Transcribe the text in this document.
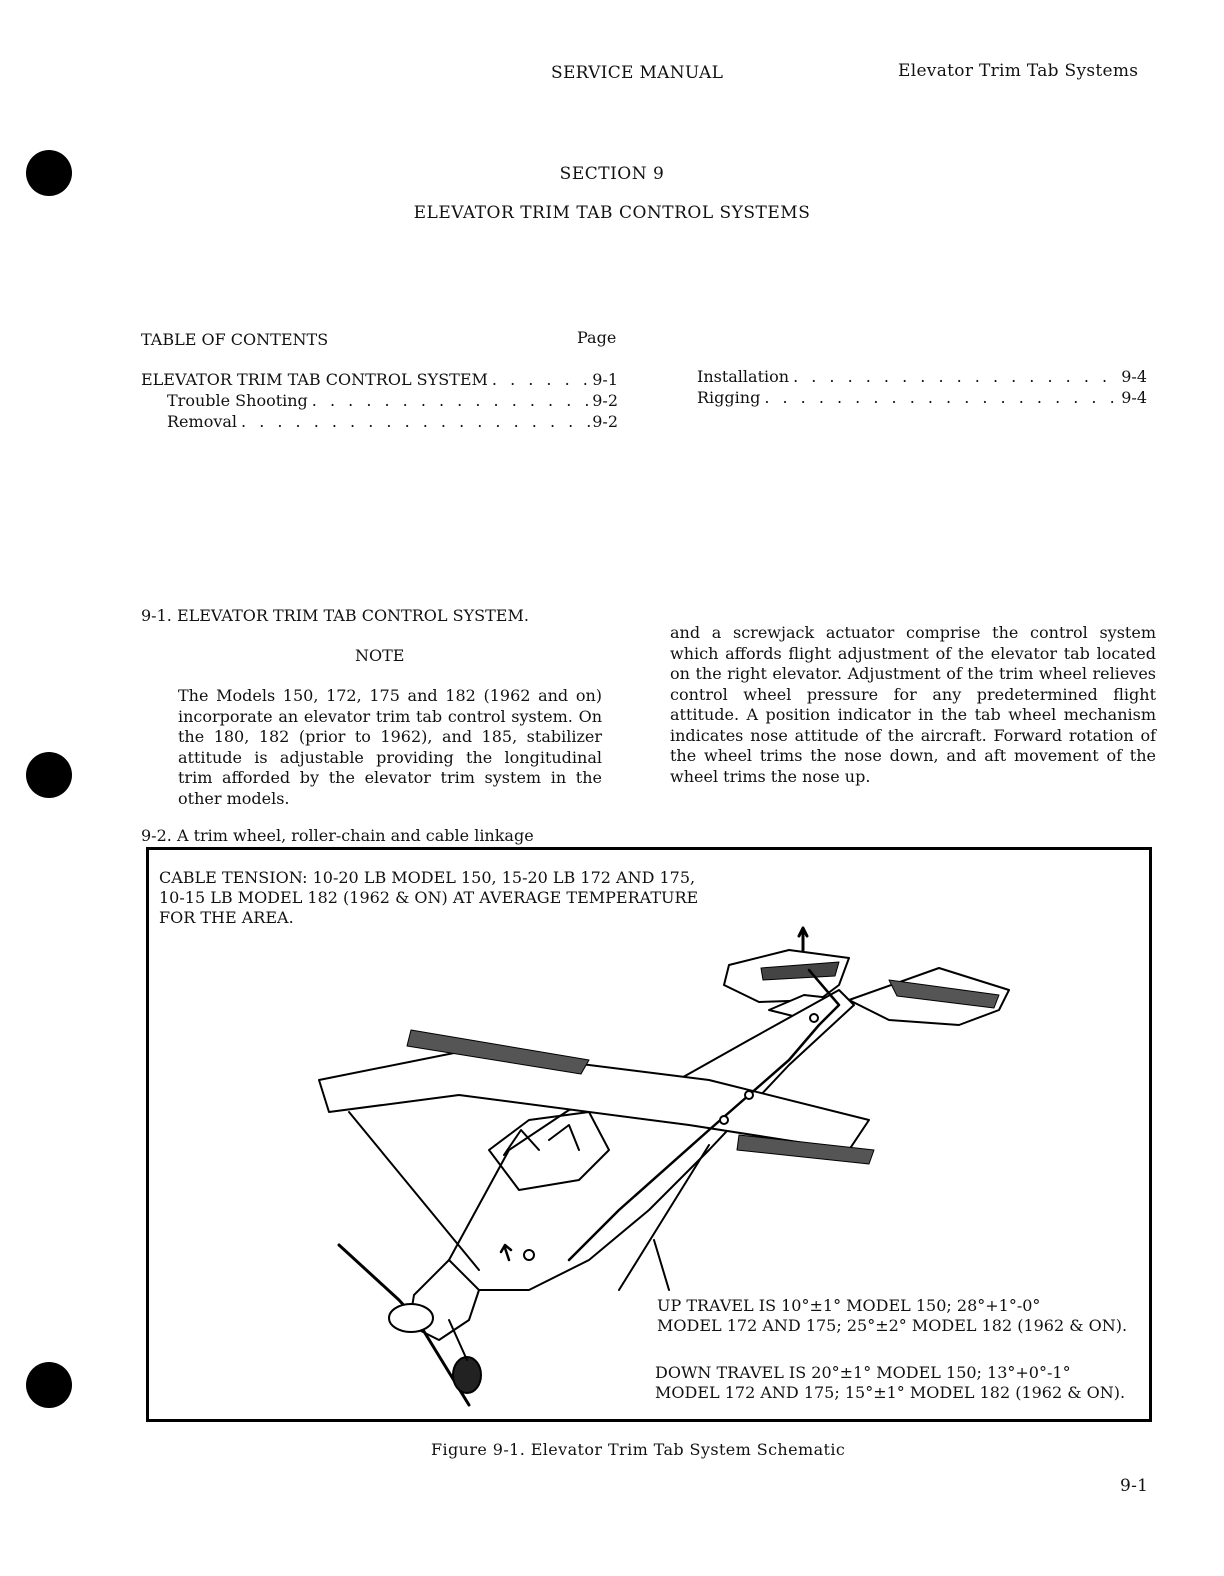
SERVICE MANUAL	Elevator Trim Tab Systems
SECTION 9
ELEVATOR TRIM TAB CONTROL SYSTEMS
TABLE OF CONTENTS	Page
ELEVATOR TRIM TAB CONTROL SYSTEM . . .	9-1
Trouble Shooting . . .	9-2
Removal . . .	9-2
Installation . . .	9-4
Rigging . . .	9-4
9-1. ELEVATOR TRIM TAB CONTROL SYSTEM.
NOTE
The Models 150, 172, 175 and 182 (1962 and on) incorporate an elevator trim tab control system. On the 180, 182 (prior to 1962), and 185, stabilizer attitude is adjustable providing the longitudinal trim afforded by the elevator trim system in the other models.
9-2. A trim wheel, roller-chain and cable linkage
and a screwjack actuator comprise the control system which affords flight adjustment of the elevator tab located on the right elevator. Adjustment of the trim wheel relieves control wheel pressure for any predetermined flight attitude. A position indicator in the tab wheel mechanism indicates nose attitude of the aircraft. Forward rotation of the wheel trims the nose down, and aft movement of the wheel trims the nose up.
CABLE TENSION: 10-20 LB MODEL 150, 15-20 LB 172 AND 175,
10-15 LB MODEL 182 (1962 & ON) AT AVERAGE TEMPERATURE
FOR THE AREA.
UP TRAVEL IS 10°±1° MODEL 150; 28°+1°-0°
MODEL 172 AND 175; 25°±2° MODEL 182 (1962 & ON).
DOWN TRAVEL IS 20°±1° MODEL 150; 13°+0°-1°
MODEL 172 AND 175; 15°±1° MODEL 182 (1962 & ON).
Figure 9-1. Elevator Trim Tab System Schematic
9-1
